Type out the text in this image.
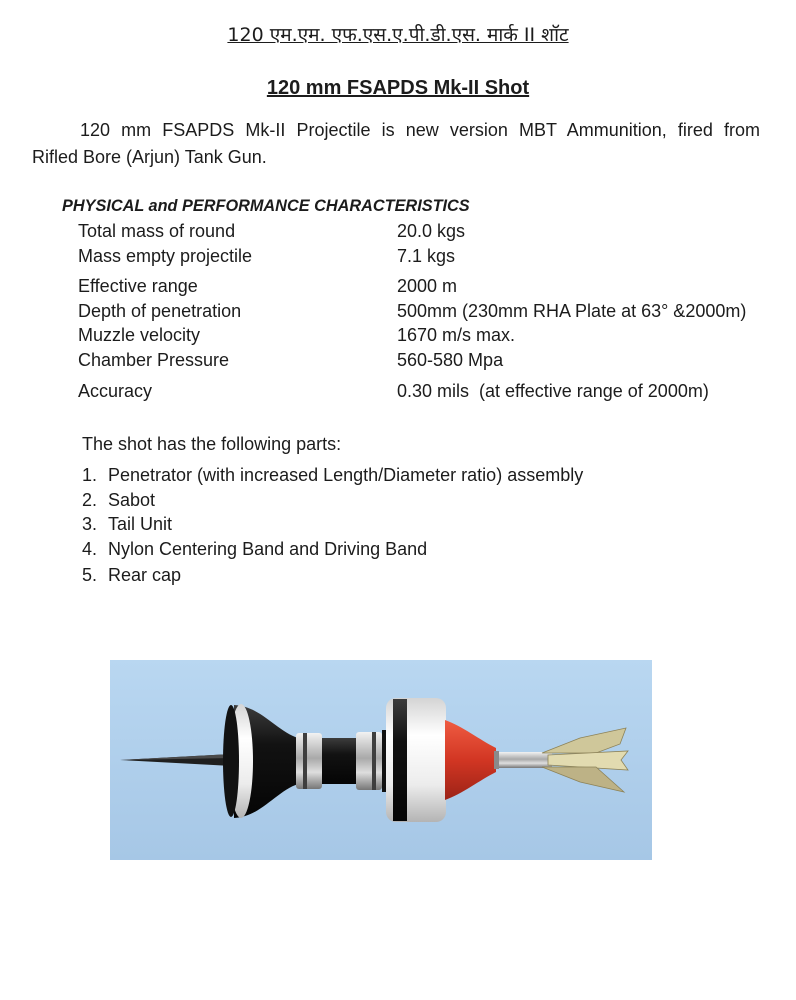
120 एम.एम. एफ.एस.ए.पी.डी.एस. मार्क II शॉट
120 mm FSAPDS Mk-II Shot
120 mm FSAPDS Mk-II Projectile is new version MBT Ammunition, fired from
Rifled Bore (Arjun) Tank Gun.
PHYSICAL and PERFORMANCE CHARACTERISTICS
Total mass of round	20.0 kgs
Mass empty projectile	7.1 kgs
Effective range	2000 m
Depth of penetration	500mm (230mm RHA Plate at 63° &2000m)
Muzzle velocity	1670 m/s max.
Chamber Pressure	560-580 Mpa
Accuracy	0.30 mils  (at effective range of 2000m)
The shot has the following parts:
1. Penetrator (with increased Length/Diameter ratio) assembly
2. Sabot
3. Tail Unit
4. Nylon Centering Band and Driving Band
5. Rear cap
